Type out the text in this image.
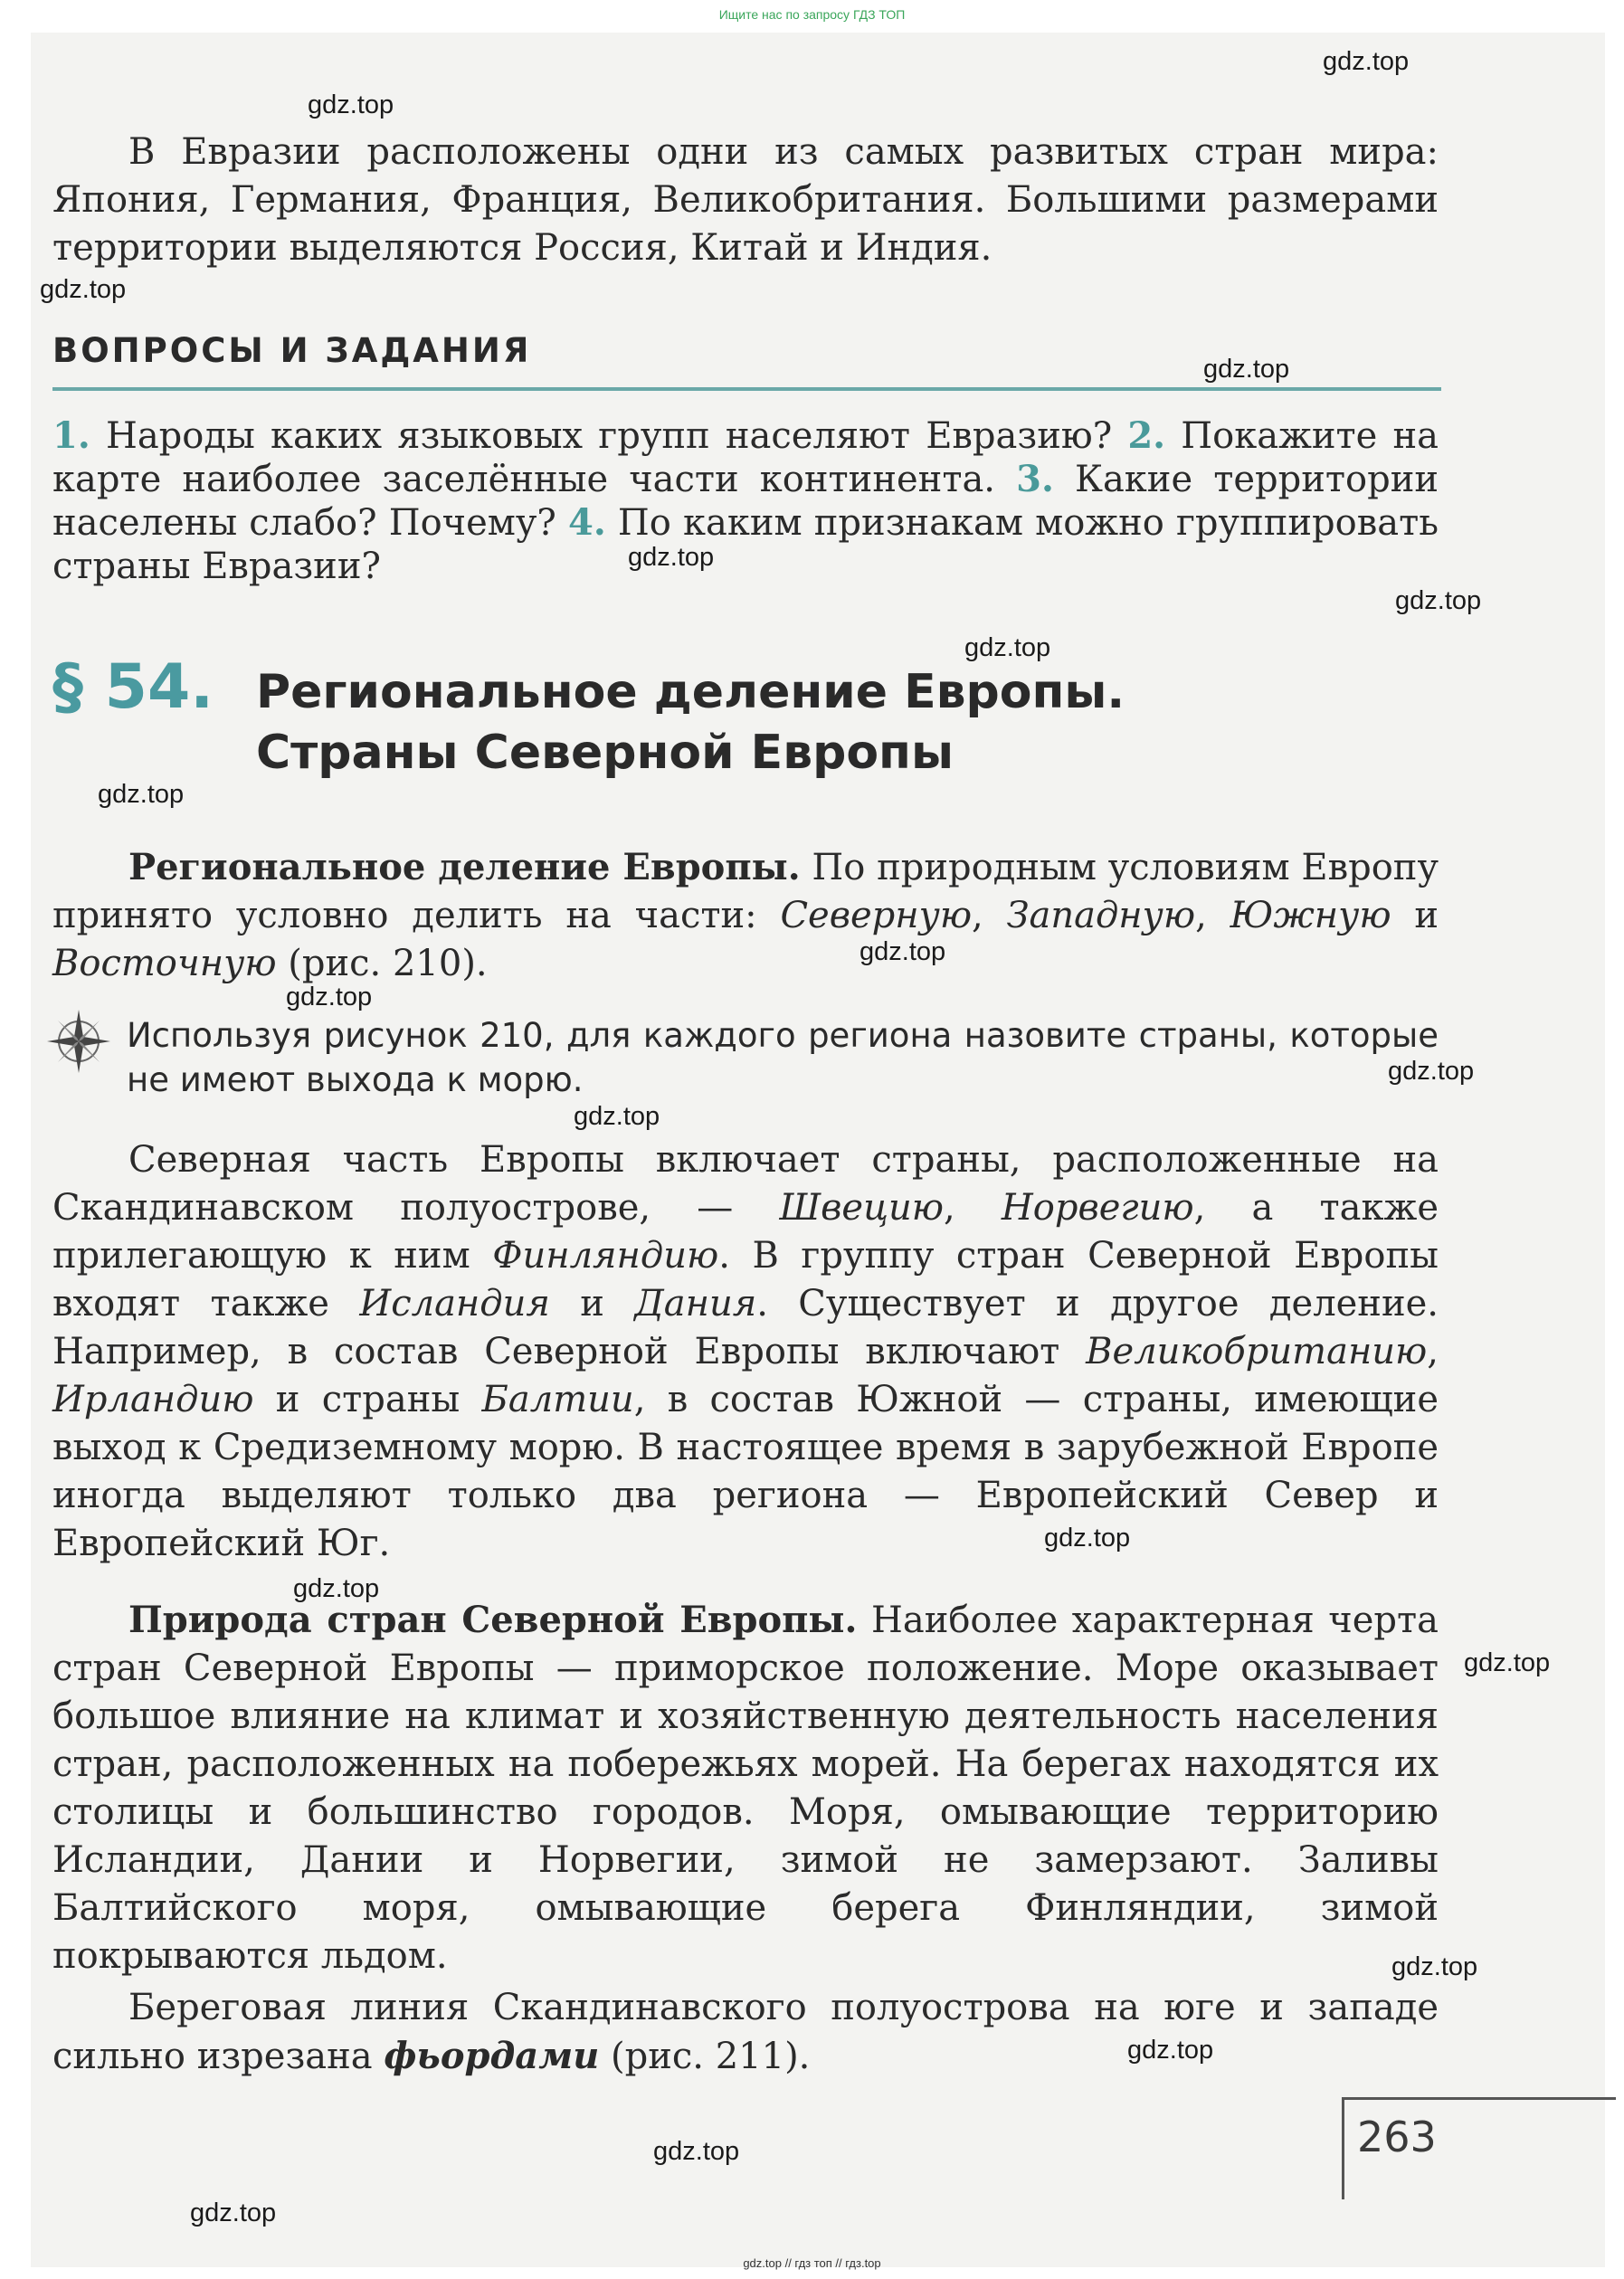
Ищите нас по запросу ГДЗ ТОП

В Евразии расположены одни из самых развитых стран мира: Япония, Германия, Франция, Великобритания. Большими размерами территории выделяются Россия, Китай и Индия.

ВОПРОСЫ И ЗАДАНИЯ

1. Народы каких языковых групп населяют Евразию? 2. Покажите на карте наиболее заселённые части континента. 3. Какие территории населены слабо? Почему? 4. По каким признакам можно группировать страны Евразии?

§ 54. Региональное деление Европы.
Страны Северной Европы

Региональное деление Европы. По природным условиям Европу принято условно делить на части: Северную, Западную, Южную и Восточную (рис. 210).

Используя рисунок 210, для каждого региона назовите страны, которые не имеют выхода к морю.

Северная часть Европы включает страны, расположенные на Скандинавском полуострове, — Швецию, Норвегию, а также прилегающую к ним Финляндию. В группу стран Северной Европы входят также Исландия и Дания. Существует и другое деление. Например, в состав Северной Европы включают Великобританию, Ирландию и страны Балтии, в состав Южной — страны, имеющие выход к Средиземному морю. В настоящее время в зарубежной Европе иногда выделяют только два региона — Европейский Север и Европейский Юг.

Природа стран Северной Европы. Наиболее характерная черта стран Северной Европы — приморское положение. Море оказывает большое влияние на климат и хозяйственную деятельность населения стран, расположенных на побережьях морей. На берегах находятся их столицы и большинство городов. Моря, омывающие территорию Исландии, Дании и Норвегии, зимой не замерзают. Заливы Балтийского моря, омывающие берега Финляндии, зимой покрываются льдом.

Береговая линия Скандинавского полуострова на юге и западе сильно изрезана фьордами (рис. 211).

263
gdz.top
gdz.top
gdz.top
gdz.top
gdz.top
gdz.top
gdz.top
gdz.top
gdz.top
gdz.top
gdz.top
gdz.top
gdz.top
gdz.top
gdz.top
gdz.top
gdz.top
gdz.top
gdz.top
gdz.top // гдз топ // гдз.top
